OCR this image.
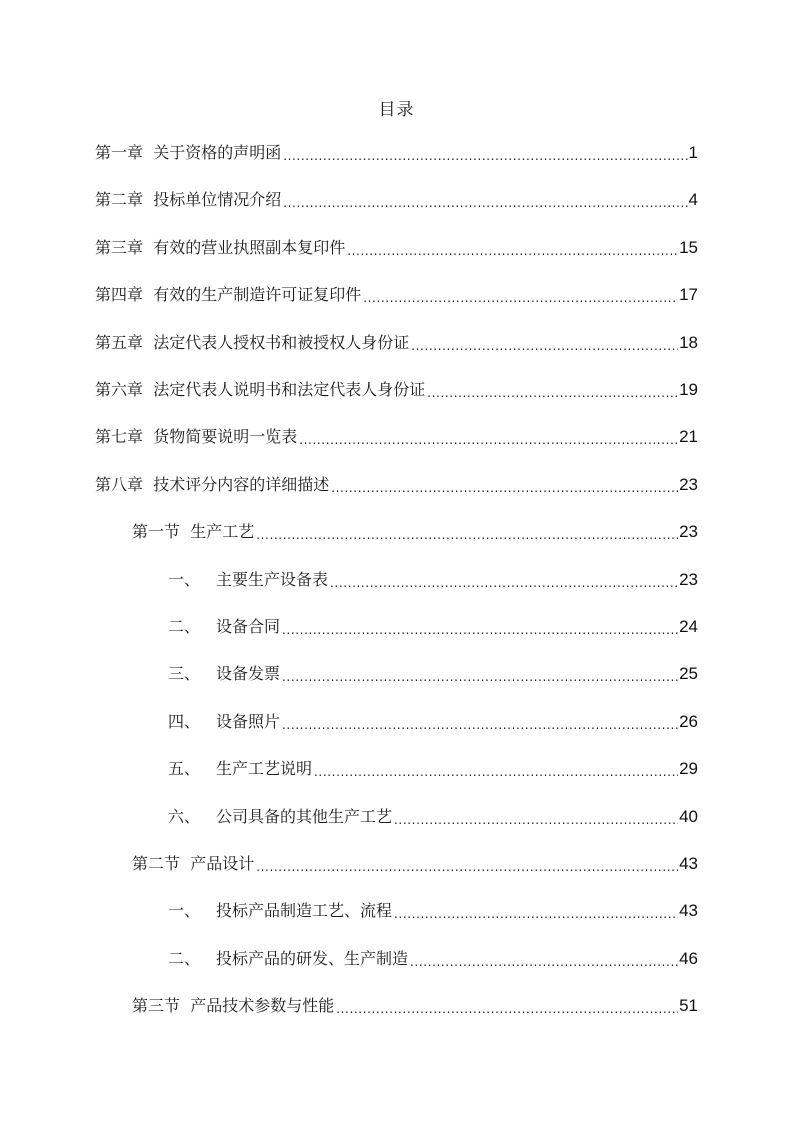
目录
第一章 关于资格的声明函 .....	1
第二章 投标单位情况介绍 .....	4
第三章 有效的营业执照副本复印件 .....	15
第四章 有效的生产制造许可证复印件 .....	17
第五章 法定代表人授权书和被授权人身份证 .....	18
第六章 法定代表人说明书和法定代表人身份证 .....	19
第七章 货物简要说明一览表 .....	21
第八章 技术评分内容的详细描述 .....	23
第一节 生产工艺 .....	23
一、 主要生产设备表 .....	23
二、 设备合同 .....	24
三、 设备发票 .....	25
四、 设备照片 .....	26
五、 生产工艺说明 .....	29
六、 公司具备的其他生产工艺 .....	40
第二节 产品设计 .....	43
一、 投标产品制造工艺、流程 .....	43
二、 投标产品的研发、生产制造 .....	46
第三节 产品技术参数与性能 .....	51
